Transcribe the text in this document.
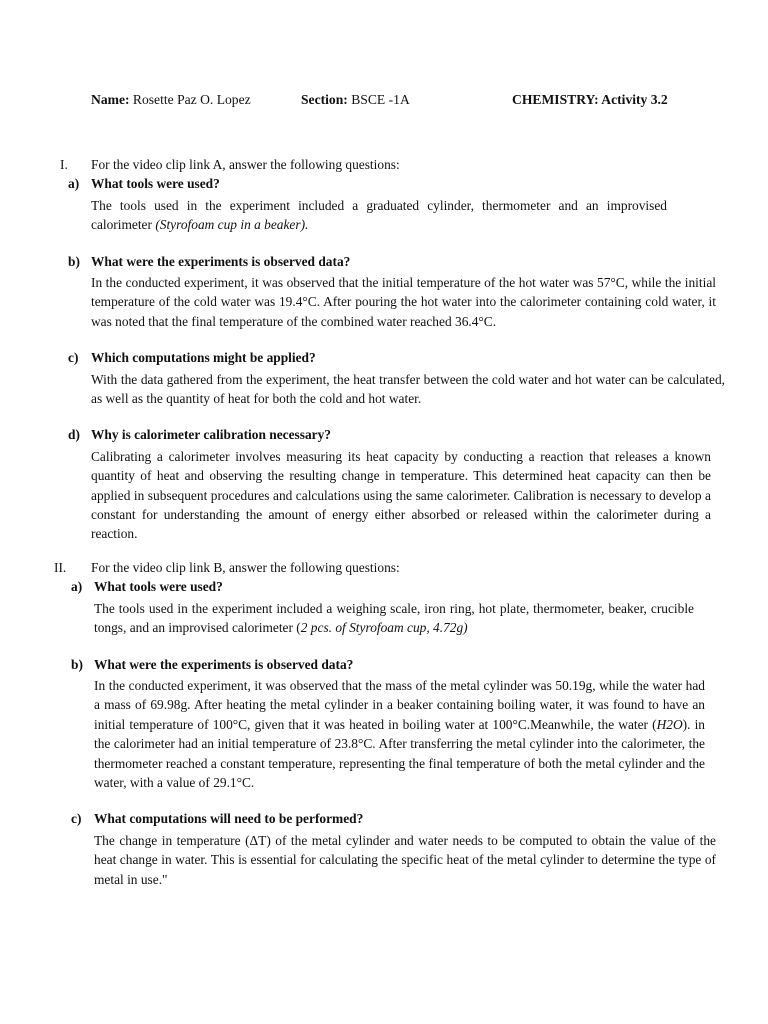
Name: Rosette Paz O. Lopez	Section: BSCE -1A	CHEMISTRY: Activity 3.2
I. For the video clip link A, answer the following questions:
a) What tools were used?
The tools used in the experiment included a graduated cylinder, thermometer and an improvised calorimeter (Styrofoam cup in a beaker).
b) What were the experiments is observed data?
In the conducted experiment, it was observed that the initial temperature of the hot water was 57°C, while the initial temperature of the cold water was 19.4°C. After pouring the hot water into the calorimeter containing cold water, it was noted that the final temperature of the combined water reached 36.4°C.
c) Which computations might be applied?
With the data gathered from the experiment, the heat transfer between the cold water and hot water can be calculated, as well as the quantity of heat for both the cold and hot water.
d) Why is calorimeter calibration necessary?
Calibrating a calorimeter involves measuring its heat capacity by conducting a reaction that releases a known quantity of heat and observing the resulting change in temperature. This determined heat capacity can then be applied in subsequent procedures and calculations using the same calorimeter. Calibration is necessary to develop a constant for understanding the amount of energy either absorbed or released within the calorimeter during a reaction.
II. For the video clip link B, answer the following questions:
a) What tools were used?
The tools used in the experiment included a weighing scale, iron ring, hot plate, thermometer, beaker, crucible tongs, and an improvised calorimeter (2 pcs. of Styrofoam cup, 4.72g)
b) What were the experiments is observed data?
In the conducted experiment, it was observed that the mass of the metal cylinder was 50.19g, while the water had a mass of 69.98g. After heating the metal cylinder in a beaker containing boiling water, it was found to have an initial temperature of 100°C, given that it was heated in boiling water at 100°C.Meanwhile, the water (H2O). in the calorimeter had an initial temperature of 23.8°C. After transferring the metal cylinder into the calorimeter, the thermometer reached a constant temperature, representing the final temperature of both the metal cylinder and the water, with a value of 29.1°C.
c) What computations will need to be performed?
The change in temperature (ΔT) of the metal cylinder and water needs to be computed to obtain the value of the heat change in water. This is essential for calculating the specific heat of the metal cylinder to determine the type of metal in use."
